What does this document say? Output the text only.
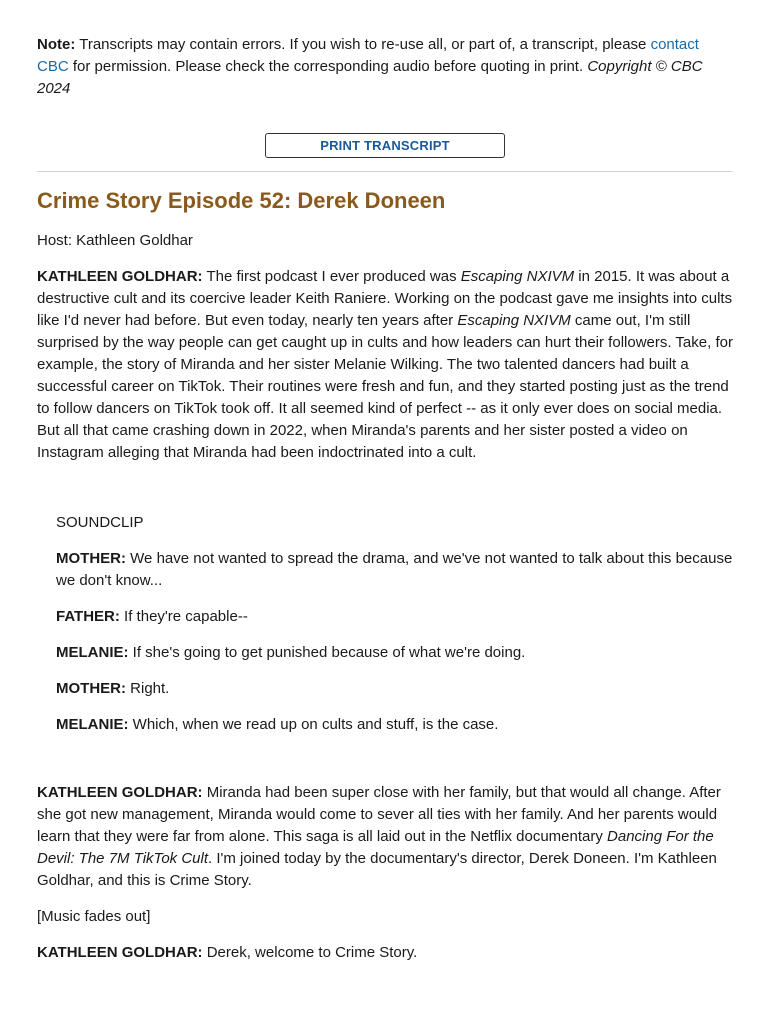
Note: Transcripts may contain errors. If you wish to re-use all, or part of, a transcript, please contact CBC for permission. Please check the corresponding audio before quoting in print. Copyright © CBC 2024

PRINT TRANSCRIPT
Crime Story Episode 52: Derek Doneen

Host: Kathleen Goldhar

KATHLEEN GOLDHAR: The first podcast I ever produced was Escaping NXIVM in 2015. It was about a destructive cult and its coercive leader Keith Raniere. Working on the podcast gave me insights into cults like I'd never had before. But even today, nearly ten years after Escaping NXIVM came out, I'm still surprised by the way people can get caught up in cults and how leaders can hurt their followers. Take, for example, the story of Miranda and her sister Melanie Wilking. The two talented dancers had built a successful career on TikTok. Their routines were fresh and fun, and they started posting just as the trend to follow dancers on TikTok took off. It all seemed kind of perfect -- as it only ever does on social media. But all that came crashing down in 2022, when Miranda's parents and her sister posted a video on Instagram alleging that Miranda had been indoctrinated into a cult.

SOUNDCLIP

MOTHER: We have not wanted to spread the drama, and we've not wanted to talk about this because we don't know...

FATHER: If they're capable--

MELANIE: If she's going to get punished because of what we're doing.

MOTHER: Right.

MELANIE: Which, when we read up on cults and stuff, is the case.

KATHLEEN GOLDHAR: Miranda had been super close with her family, but that would all change. After she got new management, Miranda would come to sever all ties with her family. And her parents would learn that they were far from alone. This saga is all laid out in the Netflix documentary Dancing For the Devil: The 7M TikTok Cult. I'm joined today by the documentary's director, Derek Doneen. I'm Kathleen Goldhar, and this is Crime Story.

[Music fades out]

KATHLEEN GOLDHAR: Derek, welcome to Crime Story.
